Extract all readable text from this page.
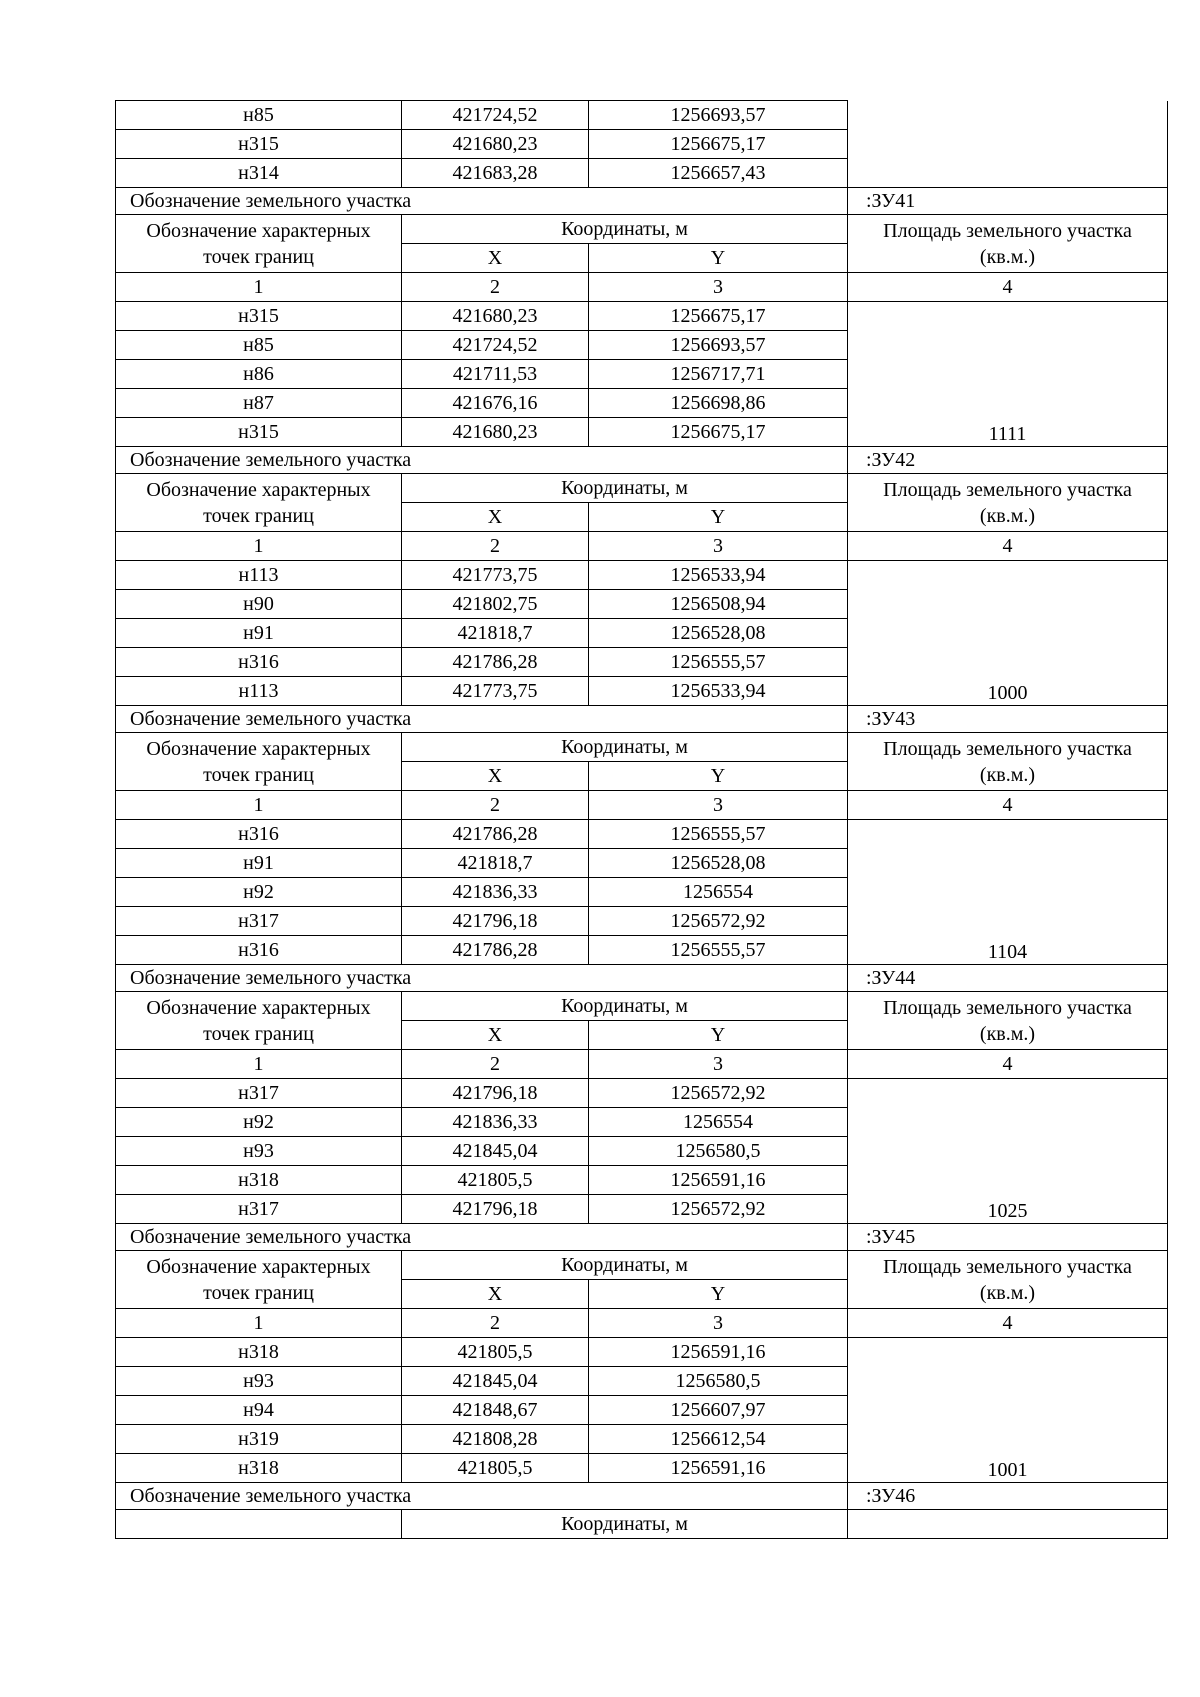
н85	421724,52	1256693,57	
н315	421680,23	1256675,17	
н314	421683,28	1256657,43	
Обозначение земельного участка			:ЗУ41
Обозначение характерных точек границ	Координаты, м		Площадь земельного участка (кв.м.)
	X	Y	
1	2	3	4
н315	421680,23	1256675,17	1111
н85	421724,52	1256693,57	
н86	421711,53	1256717,71	
н87	421676,16	1256698,86	
н315	421680,23	1256675,17	
Обозначение земельного участка			:ЗУ42
Обозначение характерных точек границ	Координаты, м		Площадь земельного участка (кв.м.)
	X	Y	
1	2	3	4
н113	421773,75	1256533,94	1000
н90	421802,75	1256508,94	
н91	421818,7	1256528,08	
н316	421786,28	1256555,57	
н113	421773,75	1256533,94	
Обозначение земельного участка			:ЗУ43
Обозначение характерных точек границ	Координаты, м		Площадь земельного участка (кв.м.)
	X	Y	
1	2	3	4
н316	421786,28	1256555,57	1104
н91	421818,7	1256528,08	
н92	421836,33	1256554	
н317	421796,18	1256572,92	
н316	421786,28	1256555,57	
Обозначение земельного участка			:ЗУ44
Обозначение характерных точек границ	Координаты, м		Площадь земельного участка (кв.м.)
	X	Y	
1	2	3	4
н317	421796,18	1256572,92	1025
н92	421836,33	1256554	
н93	421845,04	1256580,5	
н318	421805,5	1256591,16	
н317	421796,18	1256572,92	
Обозначение земельного участка			:ЗУ45
Обозначение характерных точек границ	Координаты, м		Площадь земельного участка (кв.м.)
	X	Y	
1	2	3	4
н318	421805,5	1256591,16	1001
н93	421845,04	1256580,5	
н94	421848,67	1256607,97	
н319	421808,28	1256612,54	
н318	421805,5	1256591,16	
Обозначение земельного участка			:ЗУ46
	Координаты, м		
